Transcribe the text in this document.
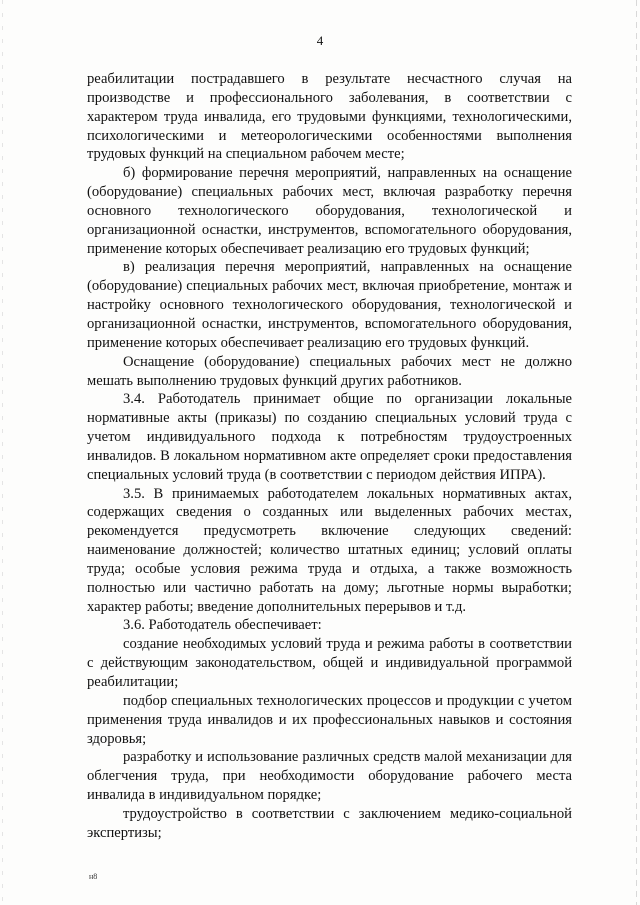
4

реабилитации пострадавшего в результате несчастного случая на производстве и профессионального заболевания, в соответствии с характером труда инвалида, его трудовыми функциями, технологическими, психологическими и метеорологическими особенностями выполнения трудовых функций на специальном рабочем месте;

б) формирование перечня мероприятий, направленных на оснащение (оборудование) специальных рабочих мест, включая разработку перечня основного технологического оборудования, технологической и организационной оснастки, инструментов, вспомогательного оборудования, применение которых обеспечивает реализацию его трудовых функций;

в) реализация перечня мероприятий, направленных на оснащение (оборудование) специальных рабочих мест, включая приобретение, монтаж и настройку основного технологического оборудования, технологической и организационной оснастки, инструментов, вспомогательного оборудования, применение которых обеспечивает реализацию его трудовых функций.

Оснащение (оборудование) специальных рабочих мест не должно мешать выполнению трудовых функций других работников.

3.4. Работодатель принимает общие по организации локальные нормативные акты (приказы) по созданию специальных условий труда с учетом индивидуального подхода к потребностям трудоустроенных инвалидов. В локальном нормативном акте определяет сроки предоставления специальных условий труда (в соответствии с периодом действия ИПРА).

3.5. В принимаемых работодателем локальных нормативных актах, содержащих сведения о созданных или выделенных рабочих местах, рекомендуется предусмотреть включение следующих сведений: наименование должностей; количество штатных единиц; условий оплаты труда; особые условия режима труда и отдыха, а также возможность полностью или частично работать на дому; льготные нормы выработки; характер работы; введение дополнительных перерывов и т.д.

3.6. Работодатель обеспечивает:

создание необходимых условий труда и режима работы в соответствии с действующим законодательством, общей и индивидуальной программой реабилитации;

подбор специальных технологических процессов и продукции с учетом применения труда инвалидов и их профессиональных навыков и состояния здоровья;

разработку и использование различных средств малой механизации для облегчения труда, при необходимости оборудование рабочего места инвалида в индивидуальном порядке;

трудоустройство в соответствии с заключением медико-социальной экспертизы;

н8
